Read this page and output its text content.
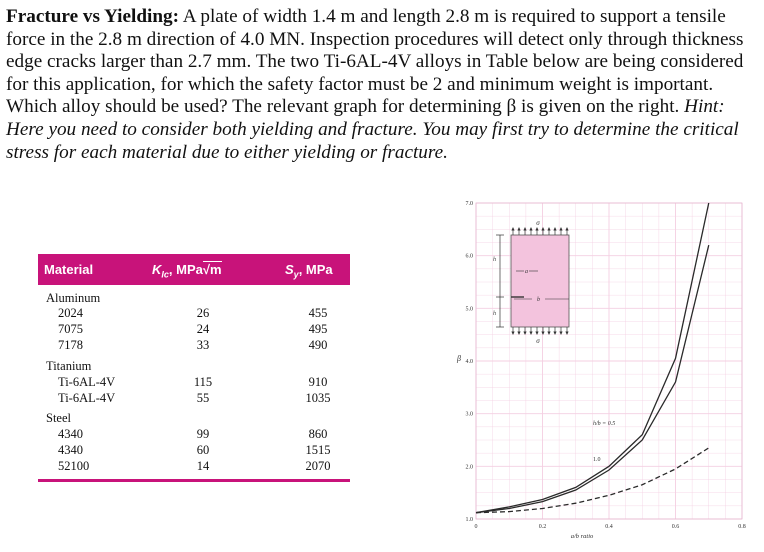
Fracture vs Yielding: A plate of width 1.4 m and length 2.8 m is required to support a tensile force in the 2.8 m direction of 4.0 MN. Inspection procedures will detect only through thickness edge cracks larger than 2.7 mm. The two Ti-6AL-4V alloys in Table below are being considered for this application, for which the safety factor must be 2 and minimum weight is important. Which alloy should be used? The relevant graph for determining β is given on the right. Hint: Here you need to consider both yielding and fracture. You may first try to determine the critical stress for each material due to either yielding or fracture.
Material	$K_{Ic}$, MPa√m	$S_y$, MPa
Aluminum
2024	26	455
7075	24	495
7178	33	490
Titanium
Ti-6AL-4V	115	910
Ti-6AL-4V	55	1035
Steel
4340	99	860
4340	60	1515
52100	14	2070
σ
σ
h
h
a
b
1.0
2.0
3.0
4.0
5.0
6.0
7.0
0	0.2	0.4	0.6	0.8
β
a/b ratio
h/b = 0.5
1.0
